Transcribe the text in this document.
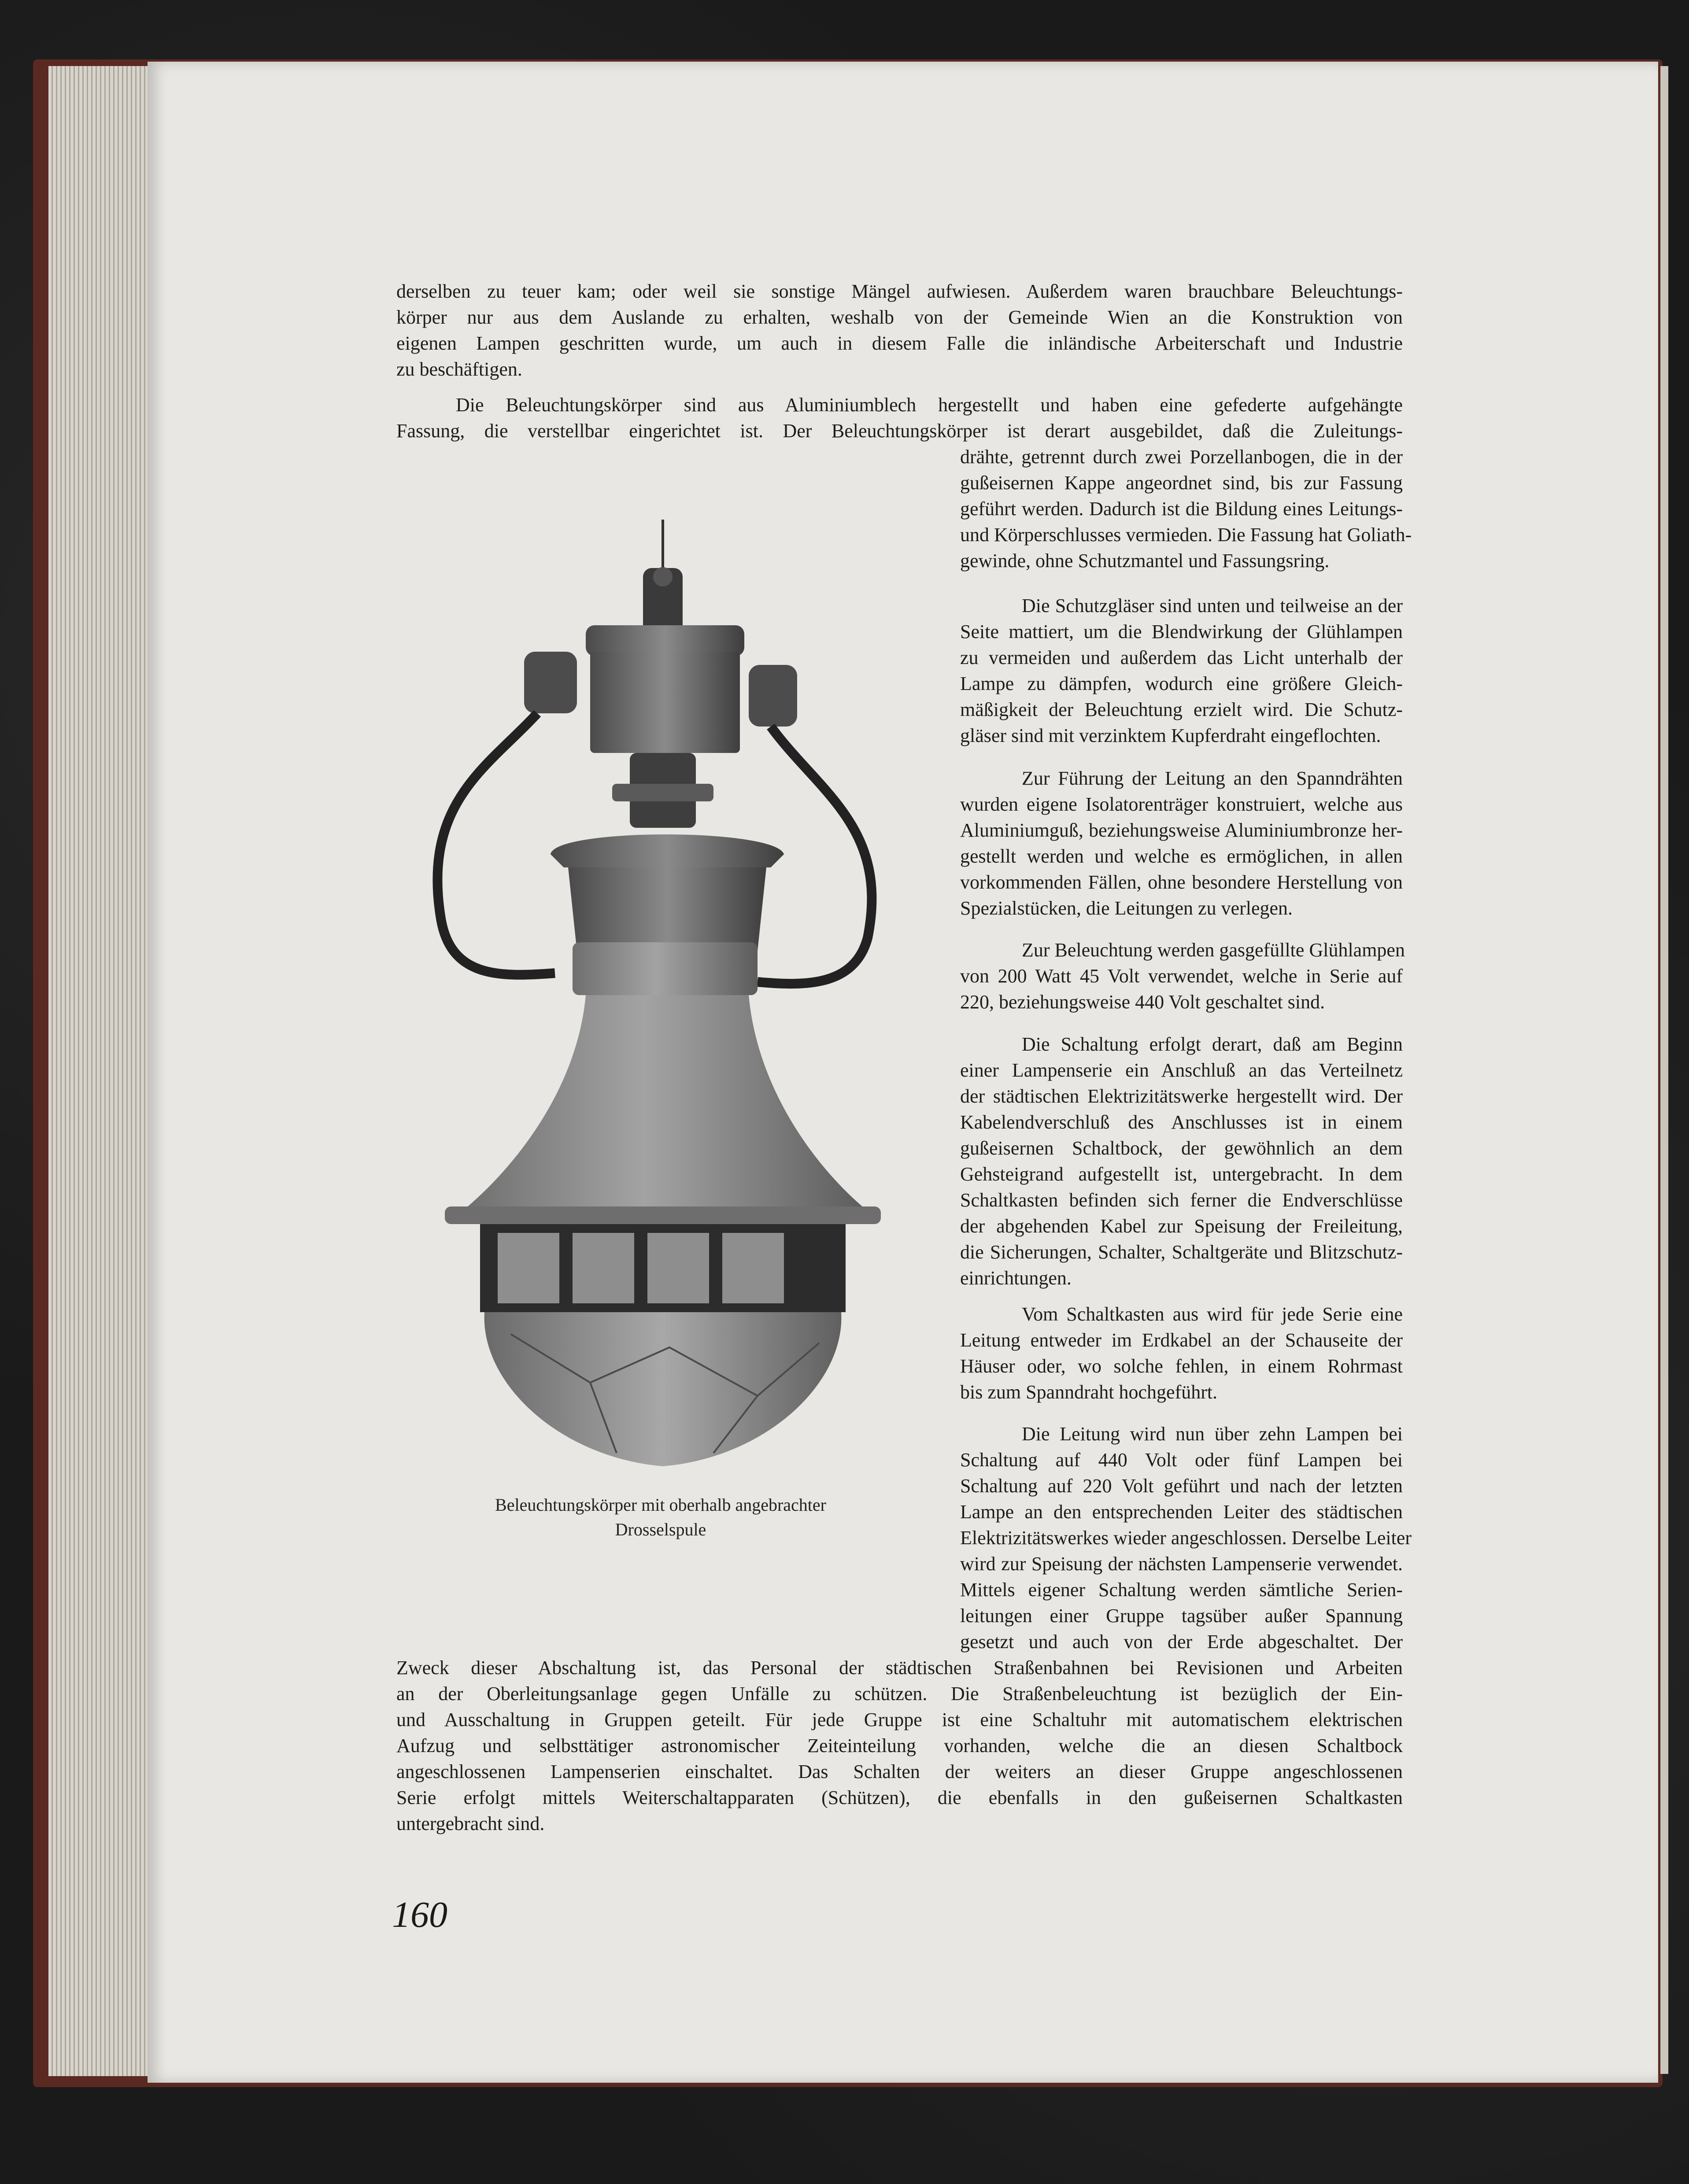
derselben zu teuer kam; oder weil sie sonstige Mängel aufwiesen. Außerdem waren brauchbare Beleuchtungs-
körper nur aus dem Auslande zu erhalten, weshalb von der Gemeinde Wien an die Konstruktion von
eigenen Lampen geschritten wurde, um auch in diesem Falle die inländische Arbeiterschaft und Industrie
zu beschäftigen.
Die Beleuchtungskörper sind aus Aluminiumblech hergestellt und haben eine gefederte aufgehängte
Fassung, die verstellbar eingerichtet ist. Der Beleuchtungskörper ist derart ausgebildet, daß die Zuleitungs-
drähte, getrennt durch zwei Porzellanbogen, die in der
gußeisernen Kappe angeordnet sind, bis zur Fassung
geführt werden. Dadurch ist die Bildung eines Leitungs-
und Körperschlusses vermieden. Die Fassung hat Goliath-
gewinde, ohne Schutzmantel und Fassungsring.
Die Schutzgläser sind unten und teilweise an der
Seite mattiert, um die Blendwirkung der Glühlampen
zu vermeiden und außerdem das Licht unterhalb der
Lampe zu dämpfen, wodurch eine größere Gleich-
mäßigkeit der Beleuchtung erzielt wird. Die Schutz-
gläser sind mit verzinktem Kupferdraht eingeflochten.
Zur Führung der Leitung an den Spanndrähten
wurden eigene Isolatorenträger konstruiert, welche aus
Aluminiumguß, beziehungsweise Aluminiumbronze her-
gestellt werden und welche es ermöglichen, in allen
vorkommenden Fällen, ohne besondere Herstellung von
Spezialstücken, die Leitungen zu verlegen.
Zur Beleuchtung werden gasgefüllte Glühlampen
von 200 Watt 45 Volt verwendet, welche in Serie auf
220, beziehungsweise 440 Volt geschaltet sind.
Die Schaltung erfolgt derart, daß am Beginn
einer Lampenserie ein Anschluß an das Verteilnetz
der städtischen Elektrizitätswerke hergestellt wird. Der
Kabelendverschluß des Anschlusses ist in einem
gußeisernen Schaltbock, der gewöhnlich an dem
Gehsteigrand aufgestellt ist, untergebracht. In dem
Schaltkasten befinden sich ferner die Endverschlüsse
der abgehenden Kabel zur Speisung der Freileitung,
die Sicherungen, Schalter, Schaltgeräte und Blitzschutz-
einrichtungen.
Vom Schaltkasten aus wird für jede Serie eine
Leitung entweder im Erdkabel an der Schauseite der
Häuser oder, wo solche fehlen, in einem Rohrmast
bis zum Spanndraht hochgeführt.
Die Leitung wird nun über zehn Lampen bei
Schaltung auf 440 Volt oder fünf Lampen bei
Schaltung auf 220 Volt geführt und nach der letzten
Lampe an den entsprechenden Leiter des städtischen
Elektrizitätswerkes wieder angeschlossen. Derselbe Leiter
wird zur Speisung der nächsten Lampenserie verwendet.
Mittels eigener Schaltung werden sämtliche Serien-
leitungen einer Gruppe tagsüber außer Spannung
gesetzt und auch von der Erde abgeschaltet. Der
Zweck dieser Abschaltung ist, das Personal der städtischen Straßenbahnen bei Revisionen und Arbeiten
an der Oberleitungsanlage gegen Unfälle zu schützen. Die Straßenbeleuchtung ist bezüglich der Ein-
und Ausschaltung in Gruppen geteilt. Für jede Gruppe ist eine Schaltuhr mit automatischem elektrischen
Aufzug und selbsttätiger astronomischer Zeiteinteilung vorhanden, welche die an diesen Schaltbock
angeschlossenen Lampenserien einschaltet. Das Schalten der weiters an dieser Gruppe angeschlossenen
Serie erfolgt mittels Weiterschaltapparaten (Schützen), die ebenfalls in den gußeisernen Schaltkasten
untergebracht sind.
Beleuchtungskörper mit oberhalb angebrachter
Drosselspule
160
